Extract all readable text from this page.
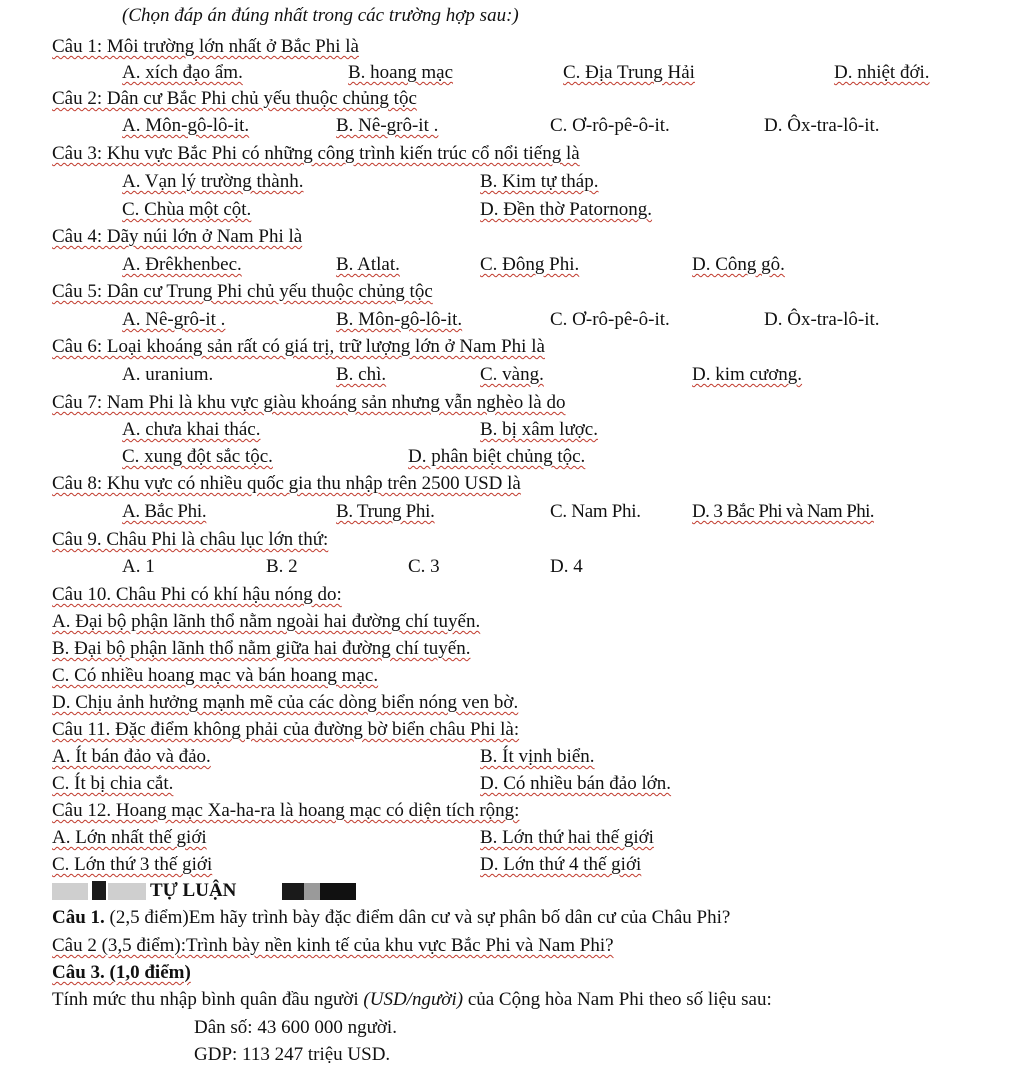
(Chọn đáp án đúng nhất trong các trường hợp sau:)
Câu 1: Môi trường lớn nhất ở Bắc Phi là
A. xích đạo ẩm.	B. hoang mạc	C. Địa Trung Hải	D. nhiệt đới.
Câu 2: Dân cư Bắc Phi chủ yếu thuộc chủng tộc
A. Môn-gô-lô-it.	B. Nê-grô-it .	C. Ơ-rô-pê-ô-it.	D. Ôx-tra-lô-it.
Câu 3: Khu vực Bắc Phi có những công trình kiến trúc cổ nổi tiếng là
A. Vạn lý trường thành.	B. Kim tự tháp.
C. Chùa một cột.	D. Đền thờ Patornong.
Câu 4: Dãy núi lớn ở Nam Phi là
A. Đrêkhenbec.	B. Atlat.	C. Đông Phi.	D. Công gô.
Câu 5: Dân cư Trung Phi chủ yếu thuộc chủng tộc
A. Nê-grô-it .	B. Môn-gô-lô-it.	C. Ơ-rô-pê-ô-it.	D. Ôx-tra-lô-it.
Câu 6: Loại khoáng sản rất có giá trị, trữ lượng lớn ở Nam Phi là
A. uranium.	B. chì.	C. vàng.	D. kim cương.
Câu 7: Nam Phi là khu vực giàu khoáng sản nhưng vẫn nghèo là do
A. chưa khai thác.	B. bị xâm lược.
C. xung đột sắc tộc.	D. phân biệt chủng tộc.
Câu 8: Khu vực có nhiều quốc gia thu nhập trên 2500 USD là
A. Bắc Phi.	B. Trung Phi.	C. Nam Phi.	D. 3 Bắc Phi và Nam Phi.
Câu 9. Châu Phi là châu lục lớn thứ:
A. 1	B. 2	C. 3	D. 4
Câu 10. Châu Phi có khí hậu nóng do:
A. Đại bộ phận lãnh thổ nằm ngoài hai đường chí tuyến.
B. Đại bộ phận lãnh thổ nằm giữa hai đường chí tuyến.
C. Có nhiều hoang mạc và bán hoang mạc.
D. Chịu ảnh hưởng mạnh mẽ của các dòng biển nóng ven bờ.
Câu 11. Đặc điểm không phải của đường bờ biển châu Phi là:
A. Ít bán đảo và đảo.	B. Ít vịnh biển.
C. Ít bị chia cắt.	D. Có nhiều bán đảo lớn.
Câu 12. Hoang mạc Xa-ha-ra là hoang mạc có diện tích rộng:
A. Lớn nhất thế giới	B. Lớn thứ hai thế giới
C. Lớn thứ 3 thế giới	D. Lớn thứ 4 thế giới
TỰ LUẬN
Câu 1. (2,5 điểm)Em hãy trình bày đặc điểm dân cư và sự phân bố dân cư của Châu Phi?
Câu 2 (3,5 điểm):Trình bày nền kinh tế của khu vực Bắc Phi và Nam Phi?
Câu 3. (1,0 điểm)
Tính mức thu nhập bình quân đầu người (USD/người) của Cộng hòa Nam Phi theo số liệu sau:
Dân số: 43 600 000 người.
GDP: 113 247 triệu USD.
